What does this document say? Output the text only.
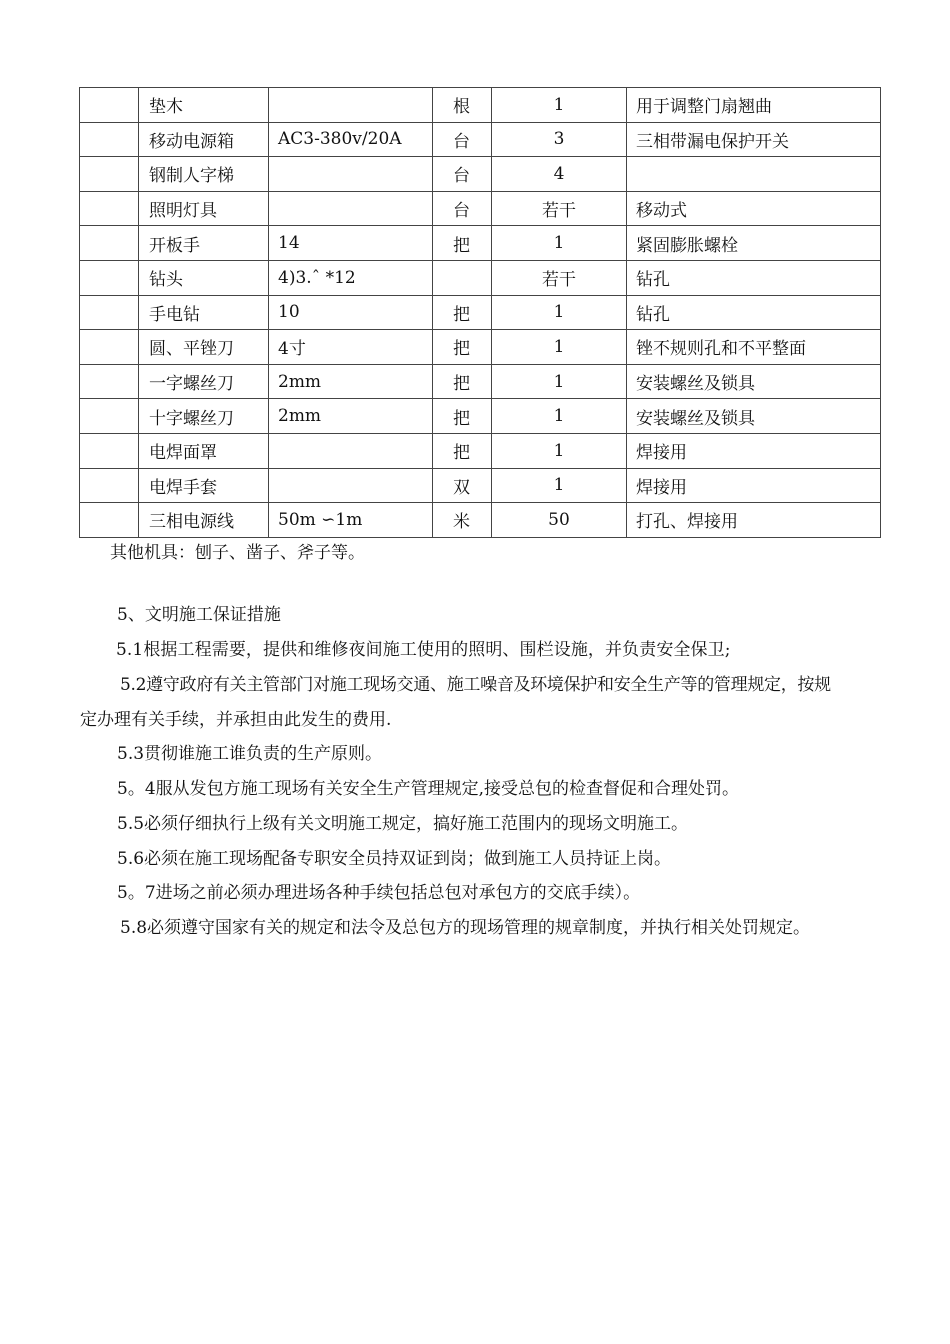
	垫木		根	1	用于调整门扇翘曲
	移动电源箱	AC3-380v/20A	台	3	三相带漏电保护开关
	钢制人字梯		台	4	
	照明灯具		台	若干	移动式
	开板手	14	把	1	紧固膨胀螺栓
	钻头	4)3.ˆ *12		若干	钻孔
	手电钻	10	把	1	钻孔
	圆、平锉刀	4寸	把	1	锉不规则孔和不平整面
	一字螺丝刀	2mm	把	1	安装螺丝及锁具
	十字螺丝刀	2mm	把	1	安装螺丝及锁具
	电焊面罩		把	1	焊接用
	电焊手套		双	1	焊接用
	三相电源线	50m ∽1m	米	50	打孔、焊接用
其他机具：刨子、凿子、斧子等。
5、文明施工保证措施
5.1根据工程需要，提供和维修夜间施工使用的照明、围栏设施，并负责安全保卫;
5.2遵守政府有关主管部门对施工现场交通、施工噪音及环境保护和安全生产等的管理规定，按规
定办理有关手续，并承担由此发生的费用.
5.3贯彻谁施工谁负责的生产原则。
5。4服从发包方施工现场有关安全生产管理规定,接受总包的检查督促和合理处罚。
5.5必须仔细执行上级有关文明施工规定，搞好施工范围内的现场文明施工。
5.6必须在施工现场配备专职安全员持双证到岗；做到施工人员持证上岗。
5。7进场之前必须办理进场各种手续包括总包对承包方的交底手续）。
5.8必须遵守国家有关的规定和法令及总包方的现场管理的规章制度，并执行相关处罚规定。
